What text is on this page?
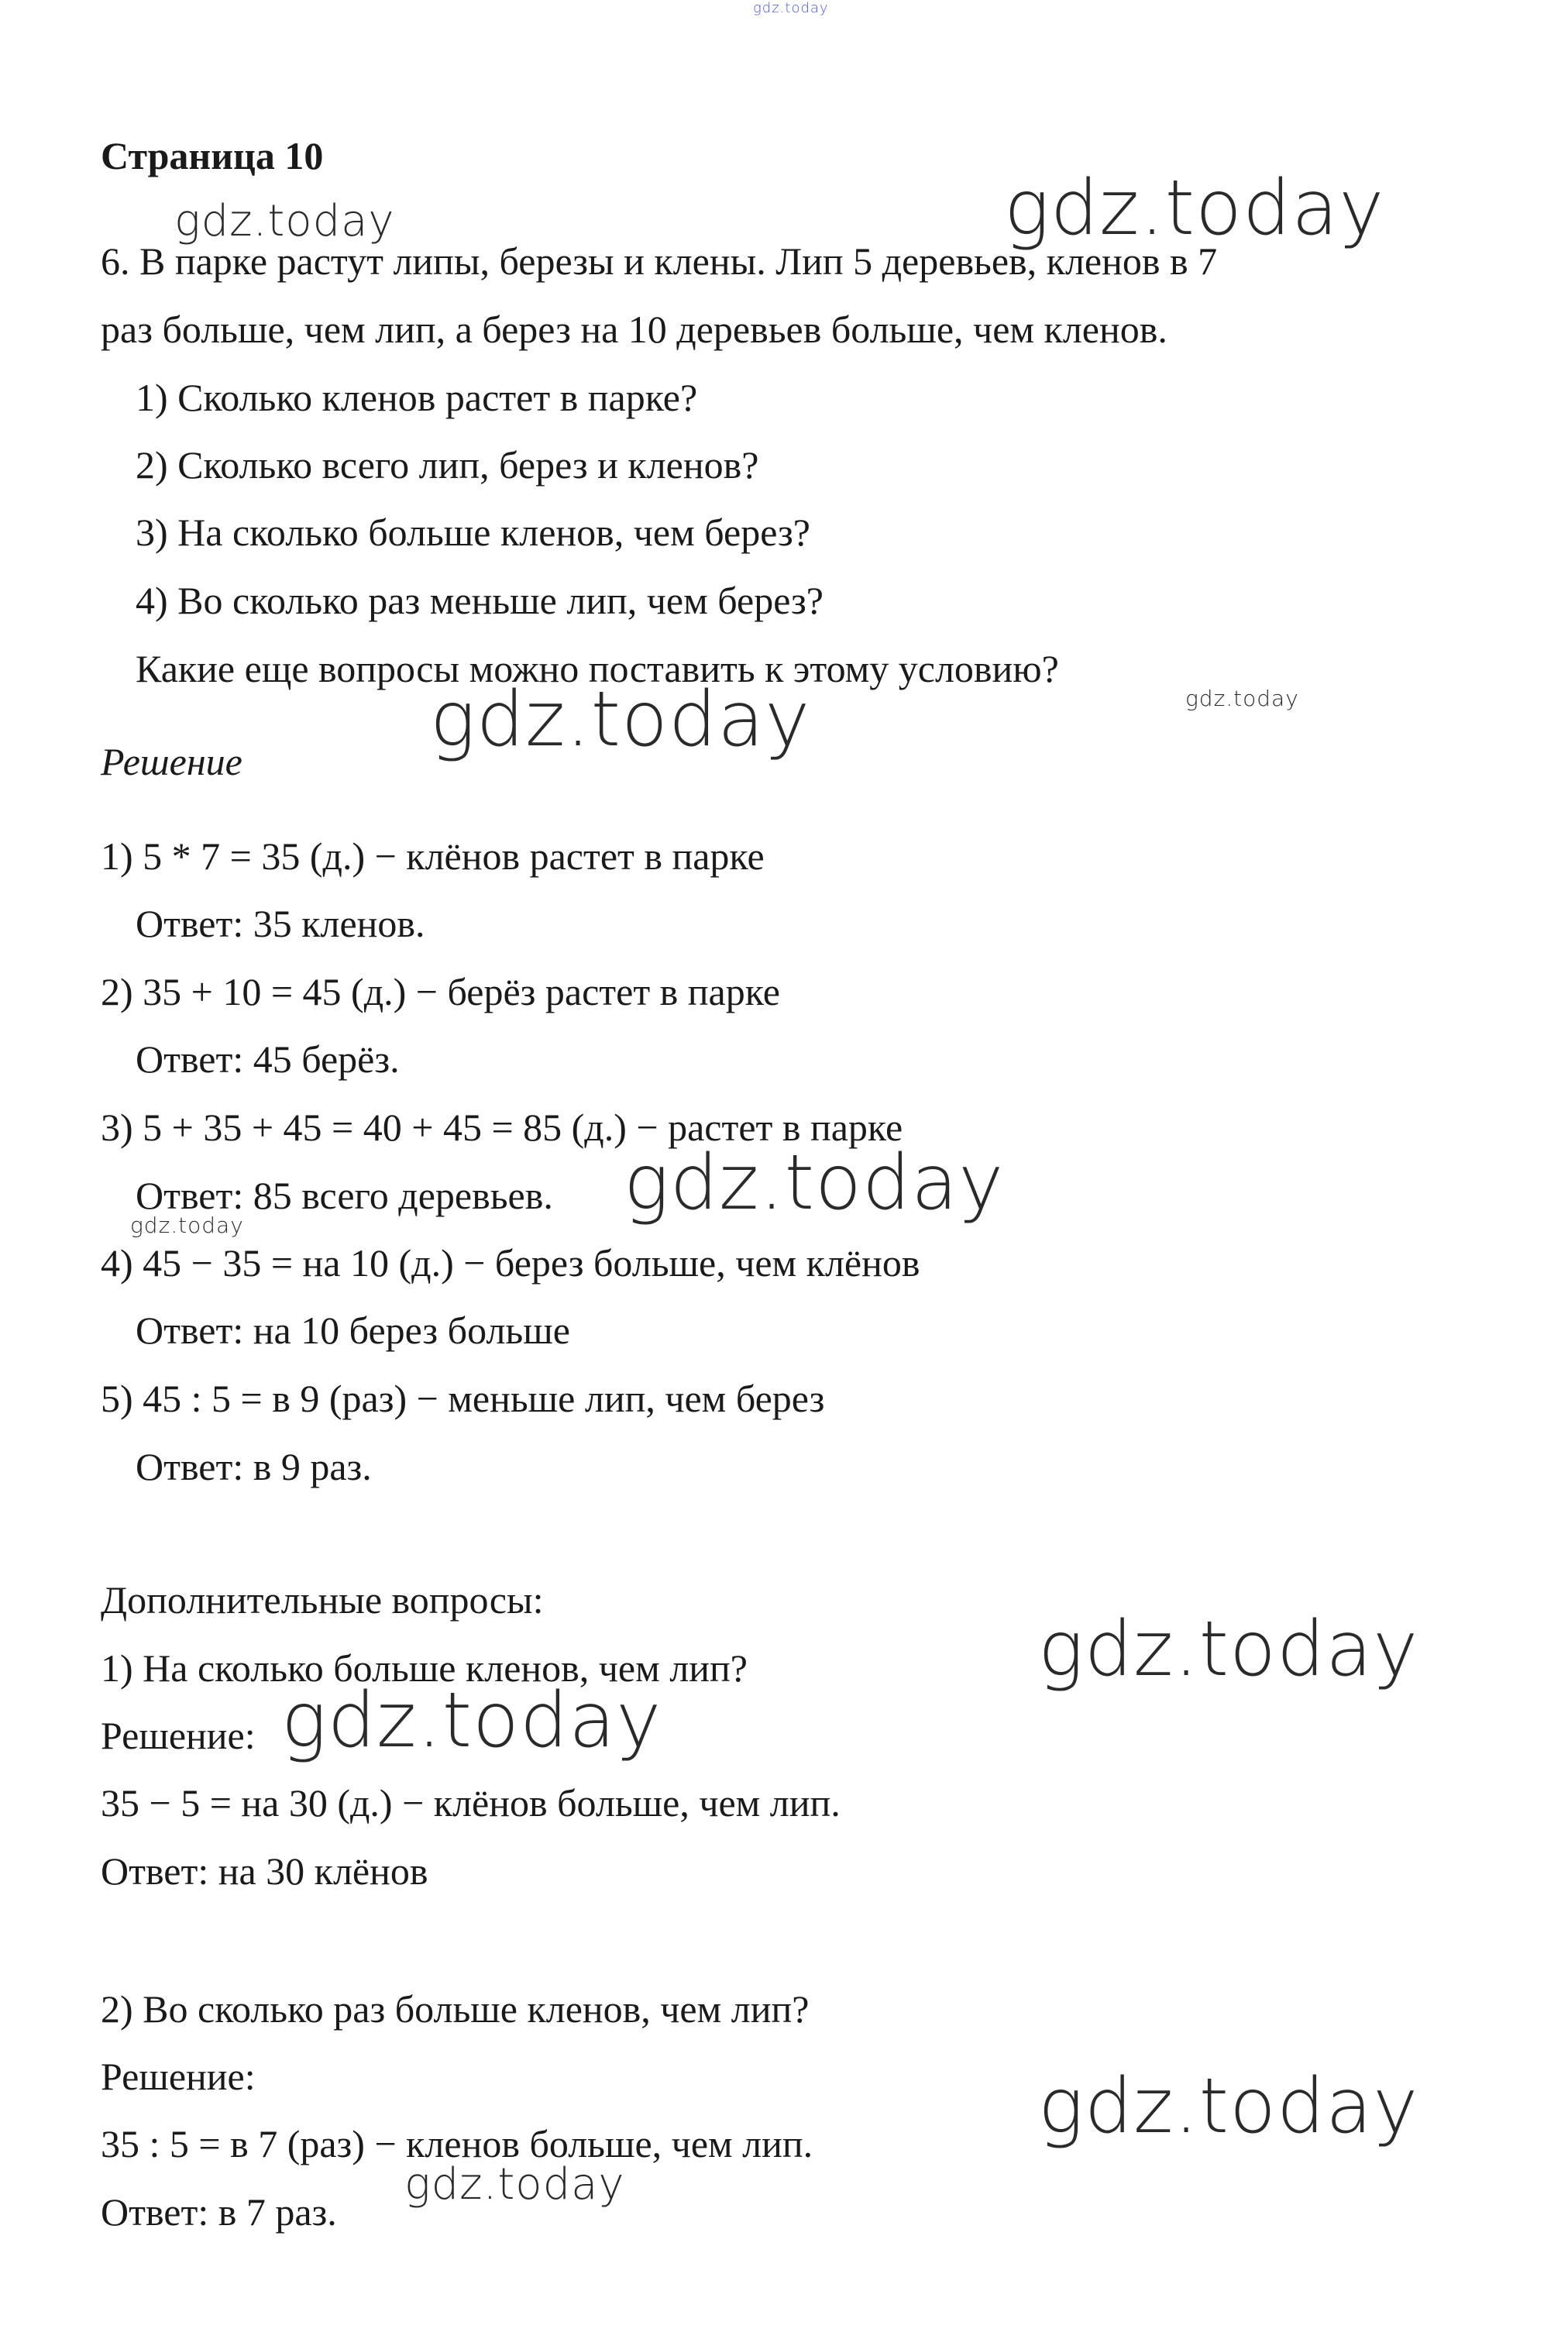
gdz.today
Страница 10
6. В парке растут липы, березы и клены. Лип 5 деревьев, кленов в 7
раз больше, чем лип, а берез на 10 деревьев больше, чем кленов.
1) Сколько кленов растет в парке?
2) Сколько всего лип, берез и кленов?
3) На сколько больше кленов, чем берез?
4) Во сколько раз меньше лип, чем берез?
Какие еще вопросы можно поставить к этому условию?
Решение
1) 5 * 7 = 35 (д.) − клёнов растет в парке
Ответ: 35 кленов.
2) 35 + 10 = 45 (д.) − берёз растет в парке
Ответ: 45 берёз.
3) 5 + 35 + 45 = 40 + 45 = 85 (д.) − растет в парке
Ответ: 85 всего деревьев.
4) 45 − 35 = на 10 (д.) − берез больше, чем клёнов
Ответ: на 10 берез больше
5) 45 : 5 = в 9 (раз) − меньше лип, чем берез
Ответ: в 9 раз.
Дополнительные вопросы:
1) На сколько больше кленов, чем лип?
Решение:
35 − 5 = на 30 (д.) − клёнов больше, чем лип.
Ответ: на 30 клёнов
2) Во сколько раз больше кленов, чем лип?
Решение:
35 : 5 = в 7 (раз) − кленов больше, чем лип.
Ответ: в 7 раз.
gdz.today	gdz.today
gdz.today
gdz.today
gdz.today
gdz.today
gdz.today
gdz.today
gdz.today
gdz.today
